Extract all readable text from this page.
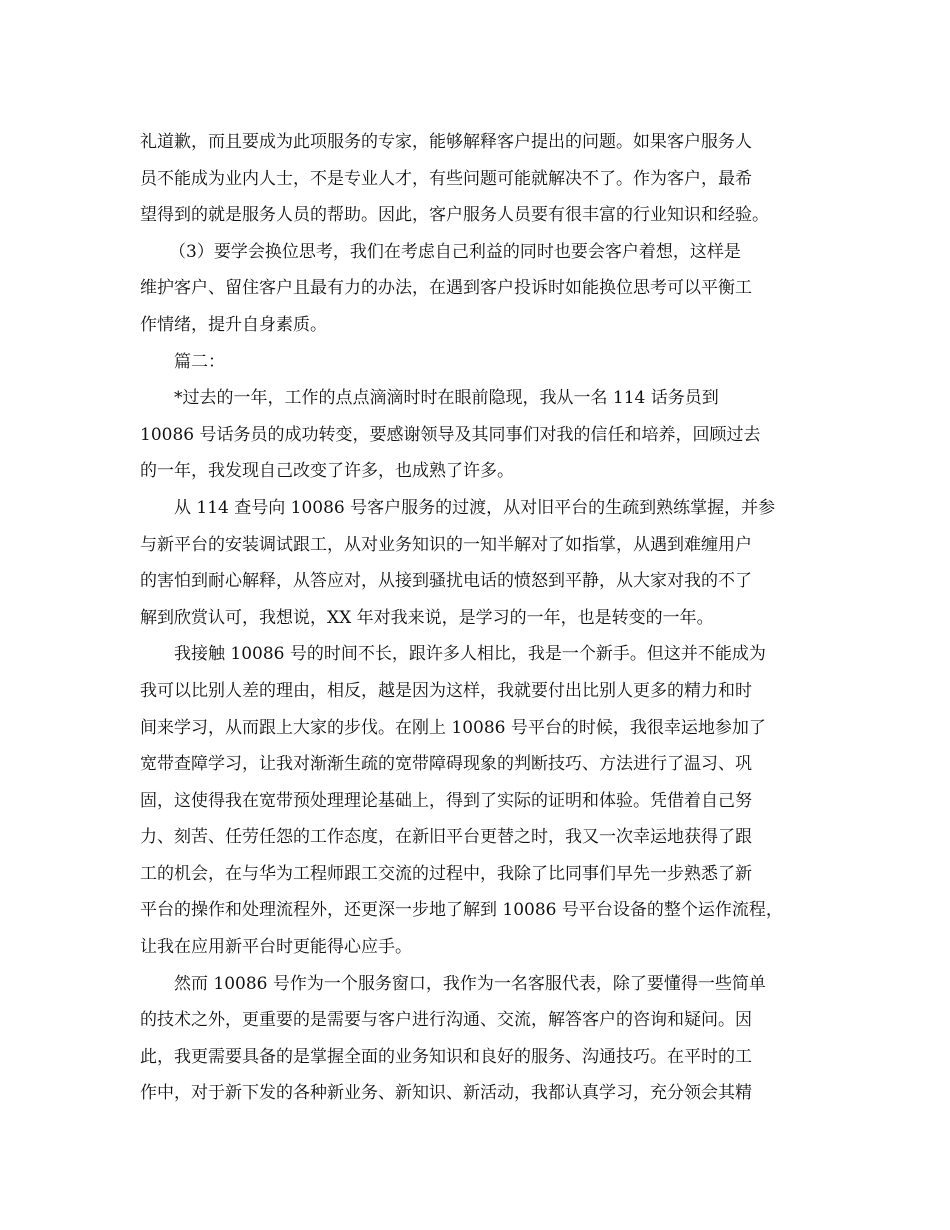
礼道歉，而且要成为此项服务的专家，能够解释客户提出的问题。如果客户服务人
员不能成为业内人士，不是专业人才，有些问题可能就解决不了。作为客户，最希
望得到的就是服务人员的帮助。因此，客户服务人员要有很丰富的行业知识和经验。
（3）要学会换位思考，我们在考虑自己利益的同时也要会客户着想，这样是
维护客户、留住客户且最有力的办法，在遇到客户投诉时如能换位思考可以平衡工
作情绪，提升自身素质。
篇二：
*过去的一年，工作的点点滴滴时时在眼前隐现，我从一名 114 话务员到
10086 号话务员的成功转变，要感谢领导及其同事们对我的信任和培养，回顾过去
的一年，我发现自己改变了许多，也成熟了许多。
从 114 查号向 10086 号客户服务的过渡，从对旧平台的生疏到熟练掌握，并参
与新平台的安装调试跟工，从对业务知识的一知半解对了如指掌，从遇到难缠用户
的害怕到耐心解释，从答应对，从接到骚扰电话的愤怒到平静，从大家对我的不了
解到欣赏认可，我想说，XX 年对我来说，是学习的一年，也是转变的一年。
我接触 10086 号的时间不长，跟许多人相比，我是一个新手。但这并不能成为
我可以比别人差的理由，相反，越是因为这样，我就要付出比别人更多的精力和时
间来学习，从而跟上大家的步伐。在刚上 10086 号平台的时候，我很幸运地参加了
宽带查障学习，让我对渐渐生疏的宽带障碍现象的判断技巧、方法进行了温习、巩
固，这使得我在宽带预处理理论基础上，得到了实际的证明和体验。凭借着自己努
力、刻苦、任劳任怨的工作态度，在新旧平台更替之时，我又一次幸运地获得了跟
工的机会，在与华为工程师跟工交流的过程中，我除了比同事们早先一步熟悉了新
平台的操作和处理流程外，还更深一步地了解到 10086 号平台设备的整个运作流程，
让我在应用新平台时更能得心应手。
然而 10086 号作为一个服务窗口，我作为一名客服代表，除了要懂得一些简单
的技术之外，更重要的是需要与客户进行沟通、交流，解答客户的咨询和疑问。因
此，我更需要具备的是掌握全面的业务知识和良好的服务、沟通技巧。在平时的工
作中，对于新下发的各种新业务、新知识、新活动，我都认真学习，充分领会其精
